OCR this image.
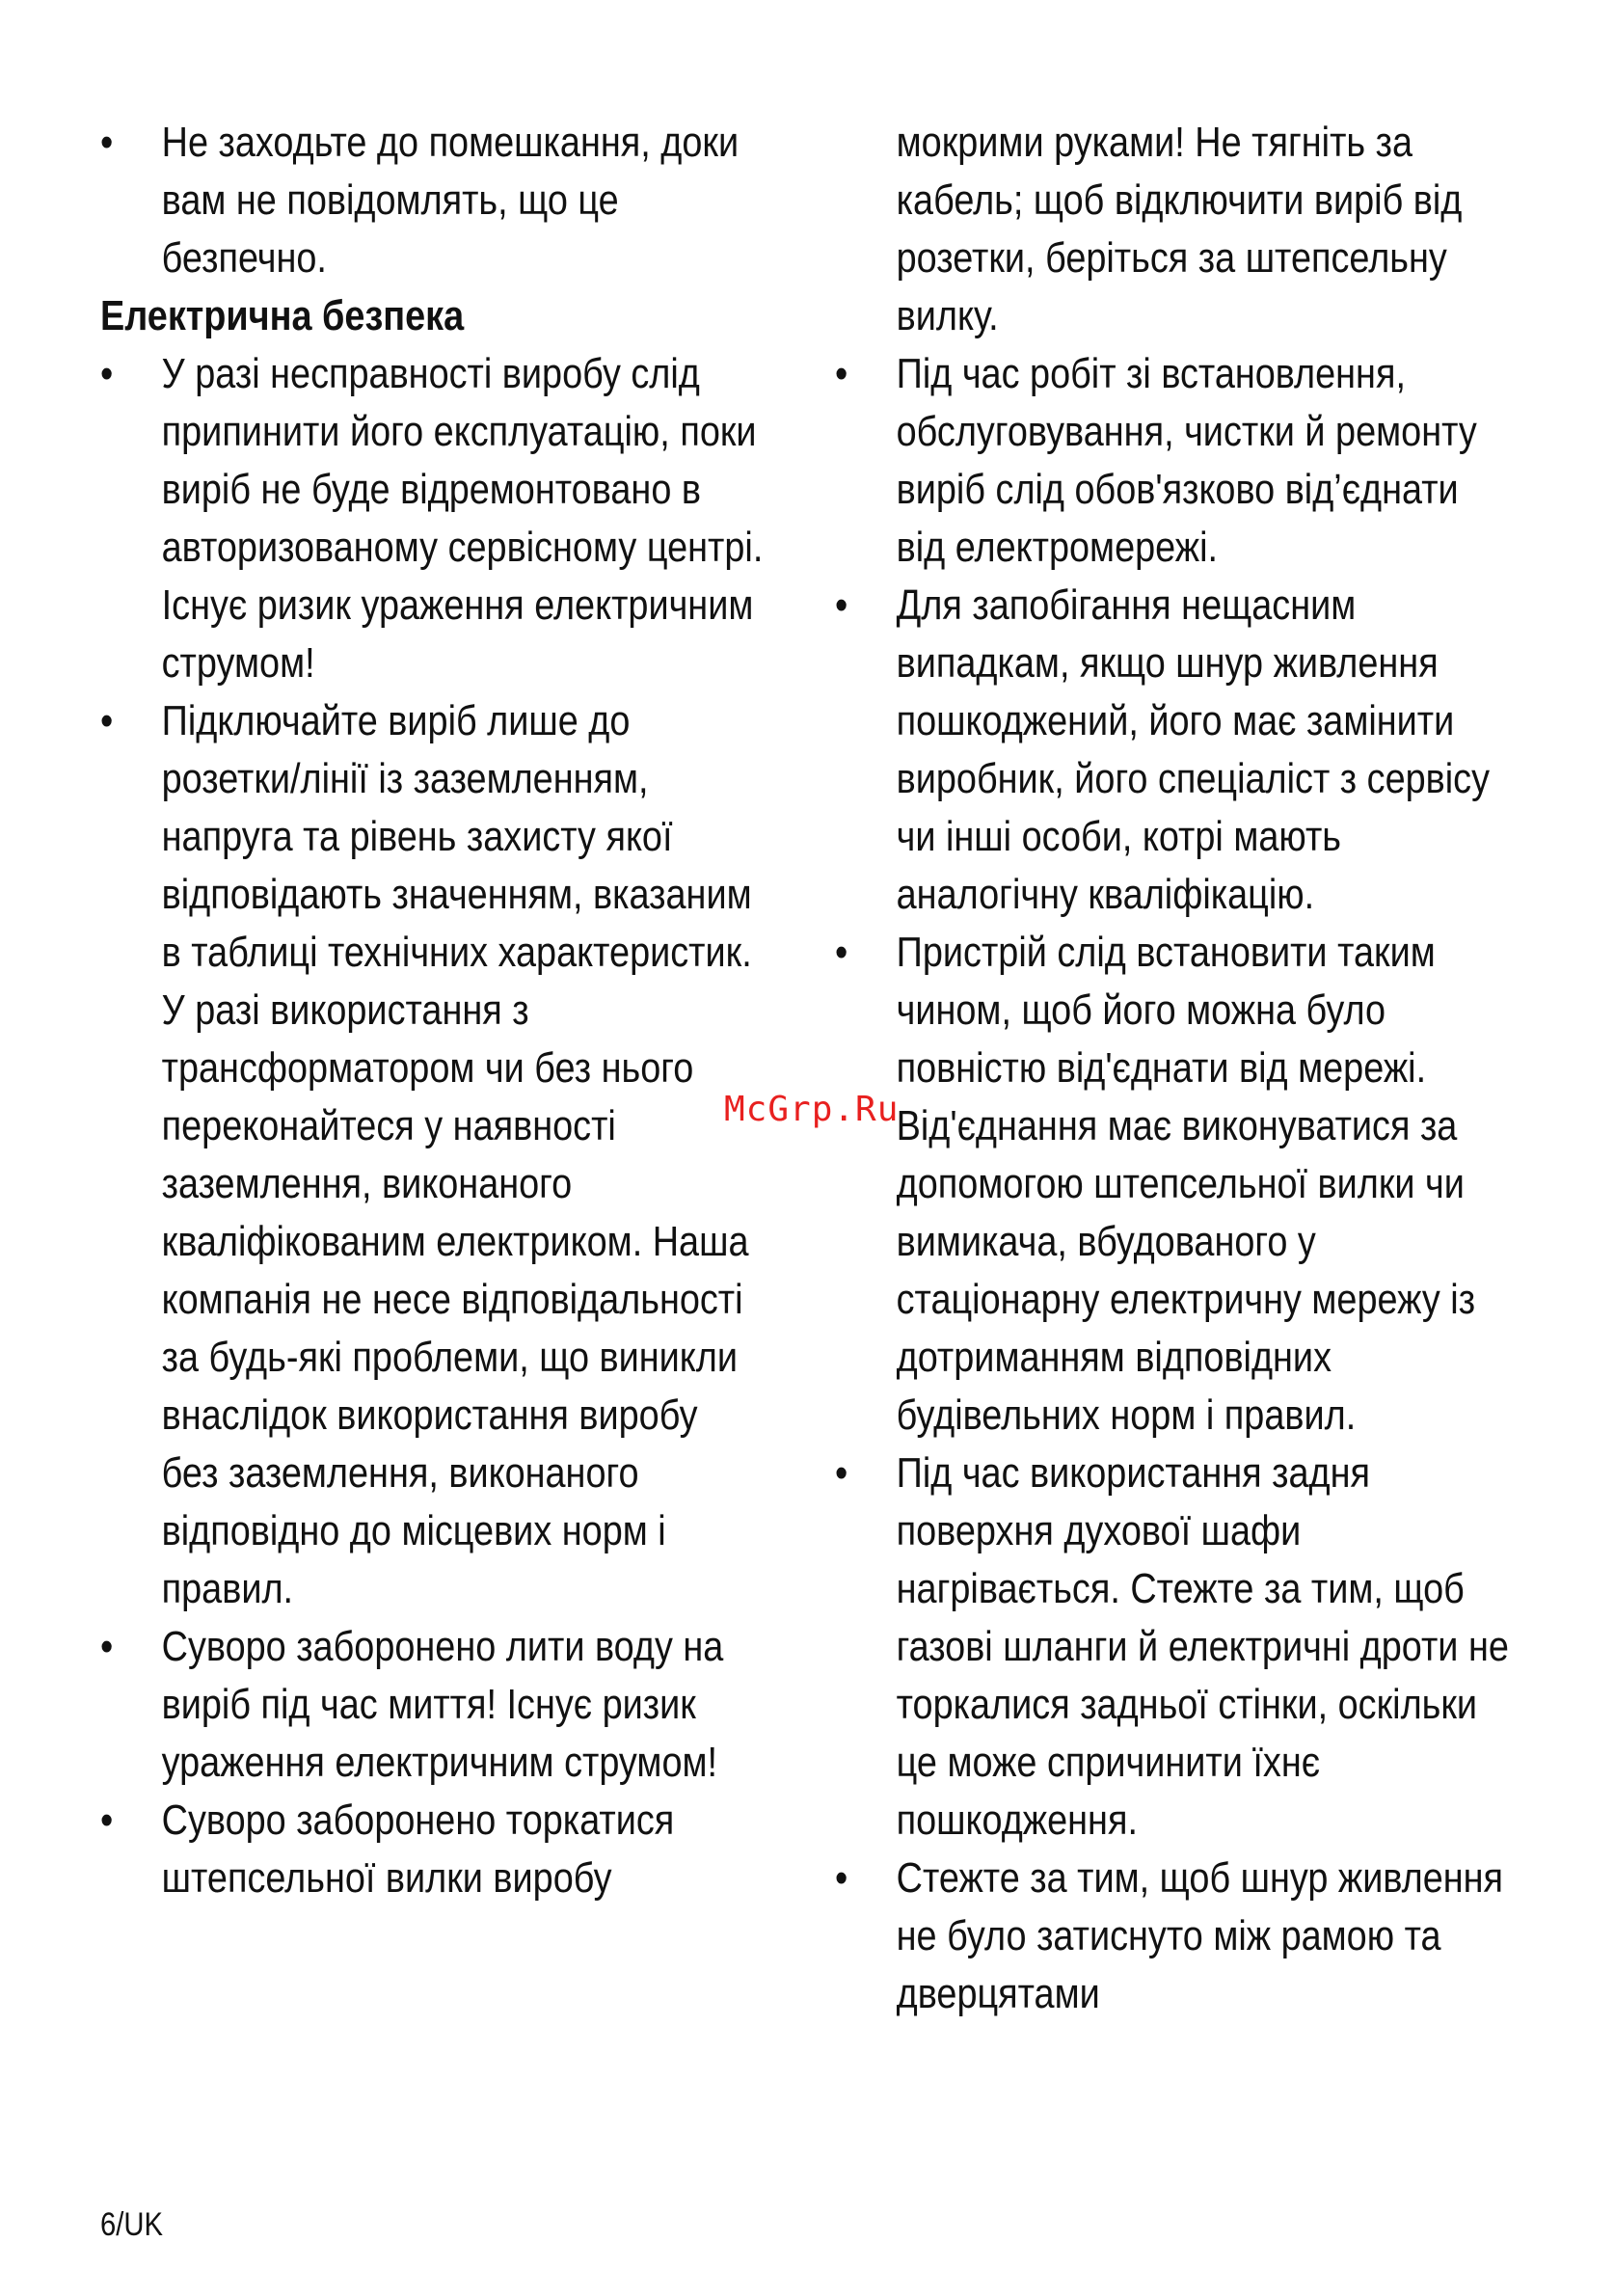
•	Не заходьте до помешкання, доки вам не повідомлять, що це безпечно.
Електрична безпека
•	У разі несправності виробу слід припинити його експлуатацію, поки виріб не буде відремонтовано в авторизованому сервісному центрі. Існує ризик ураження електричним струмом!
•	Підключайте виріб лише до розетки/лінії із заземленням, напруга та рівень захисту якої відповідають значенням, вказаним в таблиці технічних характеристик. У разі використання з трансформатором чи без нього переконайтеся у наявності заземлення, виконаного кваліфікованим електриком. Наша компанія не несе відповідальності за будь-які проблеми, що виникли внаслідок використання виробу без заземлення, виконаного відповідно до місцевих норм і правил.
•	Суворо заборонено лити воду на виріб під час миття! Існує ризик ураження електричним струмом!
•	Суворо заборонено торкатися штепсельної вилки виробу
мокрими руками! Не тягніть за кабель; щоб відключити виріб від розетки, беріться за штепсельну вилку.
•	Під час робіт зі встановлення, обслуговування, чистки й ремонту виріб слід обов'язково від’єднати від електромережі.
•	Для запобігання нещасним випадкам, якщо шнур живлення пошкоджений, його має замінити виробник, його спеціаліст з сервісу чи інші особи, котрі мають аналогічну кваліфікацію.
•	Пристрій слід встановити таким чином, щоб його можна було повністю від'єднати від мережі. Від'єднання має виконуватися за допомогою штепсельної вилки чи вимикача, вбудованого у стаціонарну електричну мережу із дотриманням відповідних будівельних норм і правил.
•	Під час використання задня поверхня духової шафи нагрівається. Стежте за тим, щоб газові шланги й електричні дроти не торкалися задньої стінки, оскільки це може спричинити їхнє пошкодження.
•	Стежте за тим, щоб шнур живлення не було затиснуто між рамою та дверцятами
McGrp.Ru
6/UK
